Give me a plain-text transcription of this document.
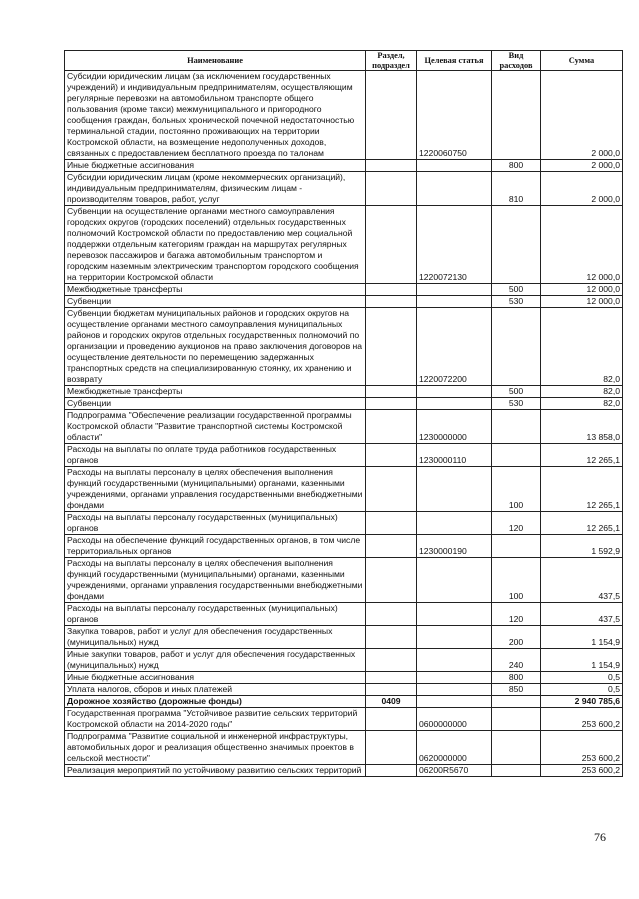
Наименование	Раздел, подраздел	Целевая статья	Вид расходов	Сумма
Субсидии юридическим лицам (за исключением государственных учреждений) и индивидуальным предпринимателям, осуществляющим регулярные перевозки на автомобильном транспорте общего пользования (кроме такси) межмуниципального и пригородного сообщения граждан, больных хронической почечной недостаточностью терминальной стадии, постоянно проживающих на территории Костромской области, на возмещение недополученных доходов, связанных с предоставлением бесплатного проезда по талонам		1220060750		2 000,0
Иные бюджетные ассигнования			800	2 000,0
Субсидии юридическим лицам (кроме некоммерческих организаций), индивидуальным предпринимателям, физическим лицам - производителям товаров, работ, услуг			810	2 000,0
Субвенции на осуществление органами местного самоуправления городских округов (городских поселений) отдельных государственных полномочий Костромской области по предоставлению мер социальной поддержки отдельным категориям граждан на маршрутах регулярных перевозок пассажиров и багажа автомобильным транспортом и городским наземным электрическим транспортом городского сообщения на территории Костромской области		1220072130		12 000,0
Межбюджетные трансферты			500	12 000,0
Субвенции			530	12 000,0
Субвенции бюджетам муниципальных районов и городских округов на осуществление органами местного самоуправления муниципальных районов и городских округов отдельных государственных полномочий по организации и проведению аукционов на право заключения договоров на осуществление деятельности по перемещению задержанных транспортных средств на специализированную стоянку, их хранению и возврату		1220072200		82,0
Межбюджетные трансферты			500	82,0
Субвенции			530	82,0
Подпрограмма "Обеспечение реализации государственной программы Костромской области "Развитие транспортной системы Костромской области"		1230000000		13 858,0
Расходы на выплаты по оплате труда работников государственных органов		1230000110		12 265,1
Расходы на выплаты персоналу в целях обеспечения выполнения функций государственными (муниципальными) органами, казенными учреждениями, органами управления государственными внебюджетными фондами			100	12 265,1
Расходы на выплаты персоналу государственных (муниципальных) органов			120	12 265,1
Расходы на обеспечение функций государственных органов, в том числе территориальных органов		1230000190		1 592,9
Расходы на выплаты персоналу в целях обеспечения выполнения функций государственными (муниципальными) органами, казенными учреждениями, органами управления государственными внебюджетными фондами			100	437,5
Расходы на выплаты персоналу государственных (муниципальных) органов			120	437,5
Закупка товаров, работ и услуг для обеспечения государственных (муниципальных) нужд			200	1 154,9
Иные закупки товаров, работ и услуг для обеспечения государственных (муниципальных) нужд			240	1 154,9
Иные бюджетные ассигнования			800	0,5
Уплата налогов, сборов и иных платежей			850	0,5
Дорожное хозяйство (дорожные фонды)	0409			2 940 785,6
Государственная программа "Устойчивое развитие сельских территорий Костромской области на 2014-2020 годы"		0600000000		253 600,2
Подпрограмма "Развитие социальной и инженерной инфраструктуры, автомобильных дорог и реализация общественно значимых проектов в сельской местности"		0620000000		253 600,2
Реализация мероприятий по устойчивому развитию сельских территорий		06200R5670		253 600,2
76
